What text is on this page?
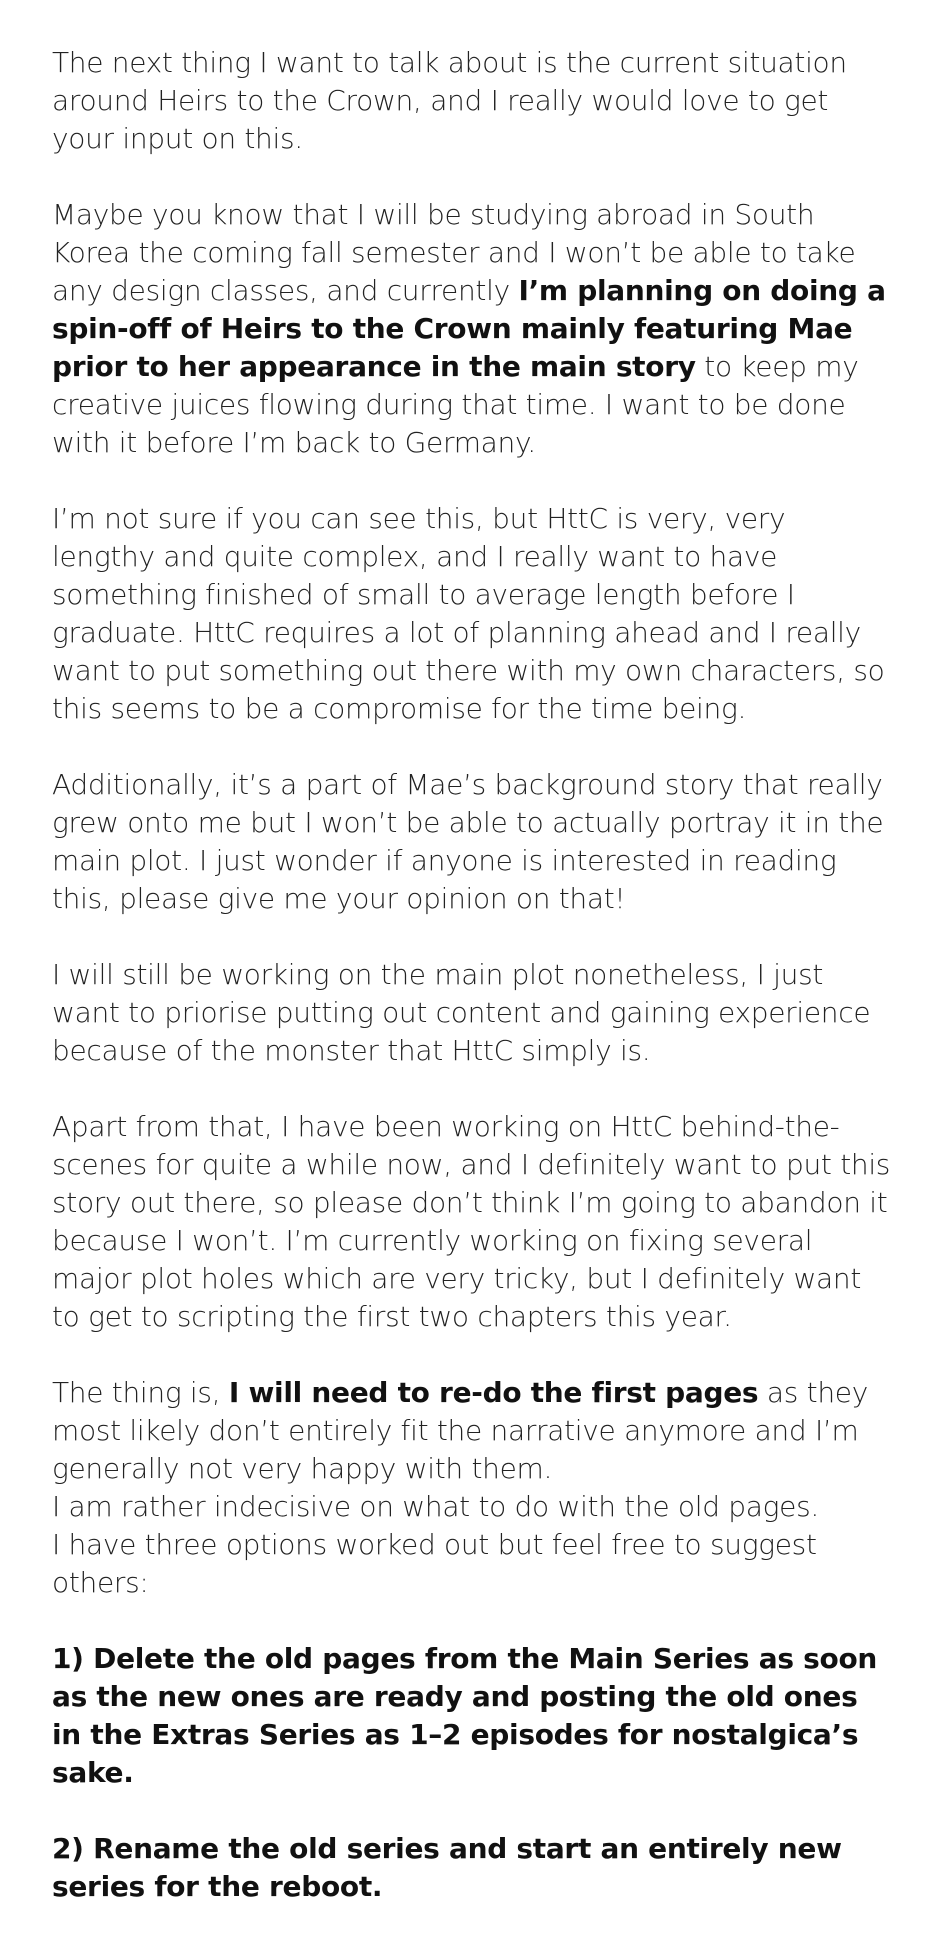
The next thing I want to talk about is the current situation around Heirs to the Crown, and I really would love to get your input on this.

Maybe you know that I will be studying abroad in South Korea the coming fall semester and I won’t be able to take any design classes, and currently I’m planning on doing a spin-off of Heirs to the Crown mainly featuring Mae prior to her appearance in the main story to keep my creative juices flowing during that time. I want to be done with it before I’m back to Germany.

I’m not sure if you can see this, but HttC is very, very lengthy and quite complex, and I really want to have something finished of small to average length before I graduate. HttC requires a lot of planning ahead and I really want to put something out there with my own characters, so this seems to be a compromise for the time being.

Additionally, it’s a part of Mae’s background story that really grew onto me but I won’t be able to actually portray it in the main plot. I just wonder if anyone is interested in reading this, please give me your opinion on that!

I will still be working on the main plot nonetheless, I just want to priorise putting out content and gaining experience because of the monster that HttC simply is.

Apart from that, I have been working on HttC behind-the-scenes for quite a while now, and I definitely want to put this story out there, so please don’t think I’m going to abandon it because I won’t. I’m currently working on fixing several major plot holes which are very tricky, but I definitely want to get to scripting the first two chapters this year.

The thing is, I will need to re-do the first pages as they most likely don’t entirely fit the narrative anymore and I’m generally not very happy with them.

I am rather indecisive on what to do with the old pages.

I have three options worked out but feel free to suggest others:

1) Delete the old pages from the Main Series as soon as the new ones are ready and posting the old ones in the Extras Series as 1–2 episodes for nostalgica’s sake.

2) Rename the old series and start an entirely new series for the reboot.
